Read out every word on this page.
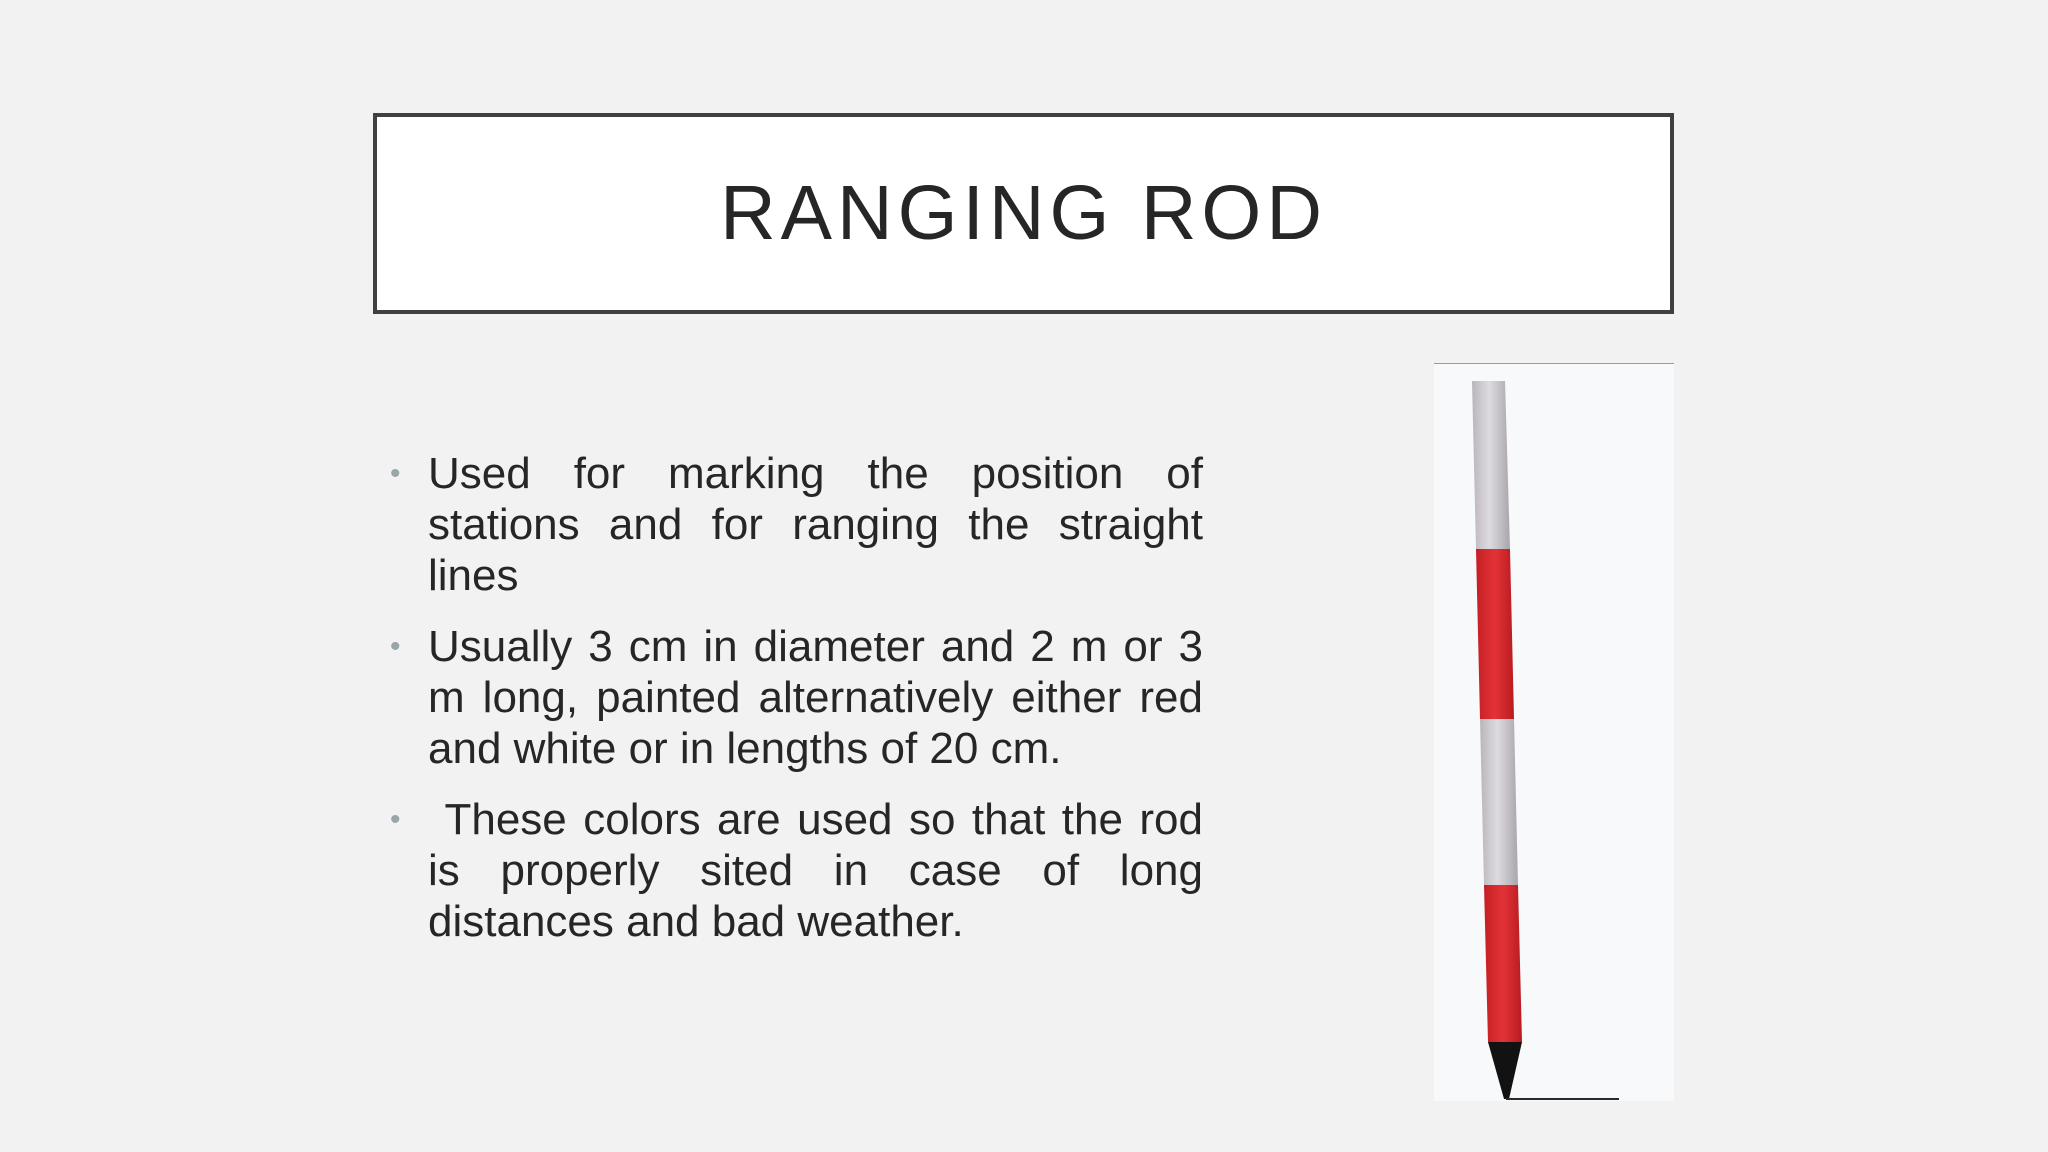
RANGING ROD
• Used for marking the position of stations and for ranging the straight lines
• Usually 3 cm in diameter and 2 m or 3 m long, painted alternatively either red and white or in lengths of 20 cm.
• These colors are used so that the rod is properly sited in case of long distances and bad weather.
